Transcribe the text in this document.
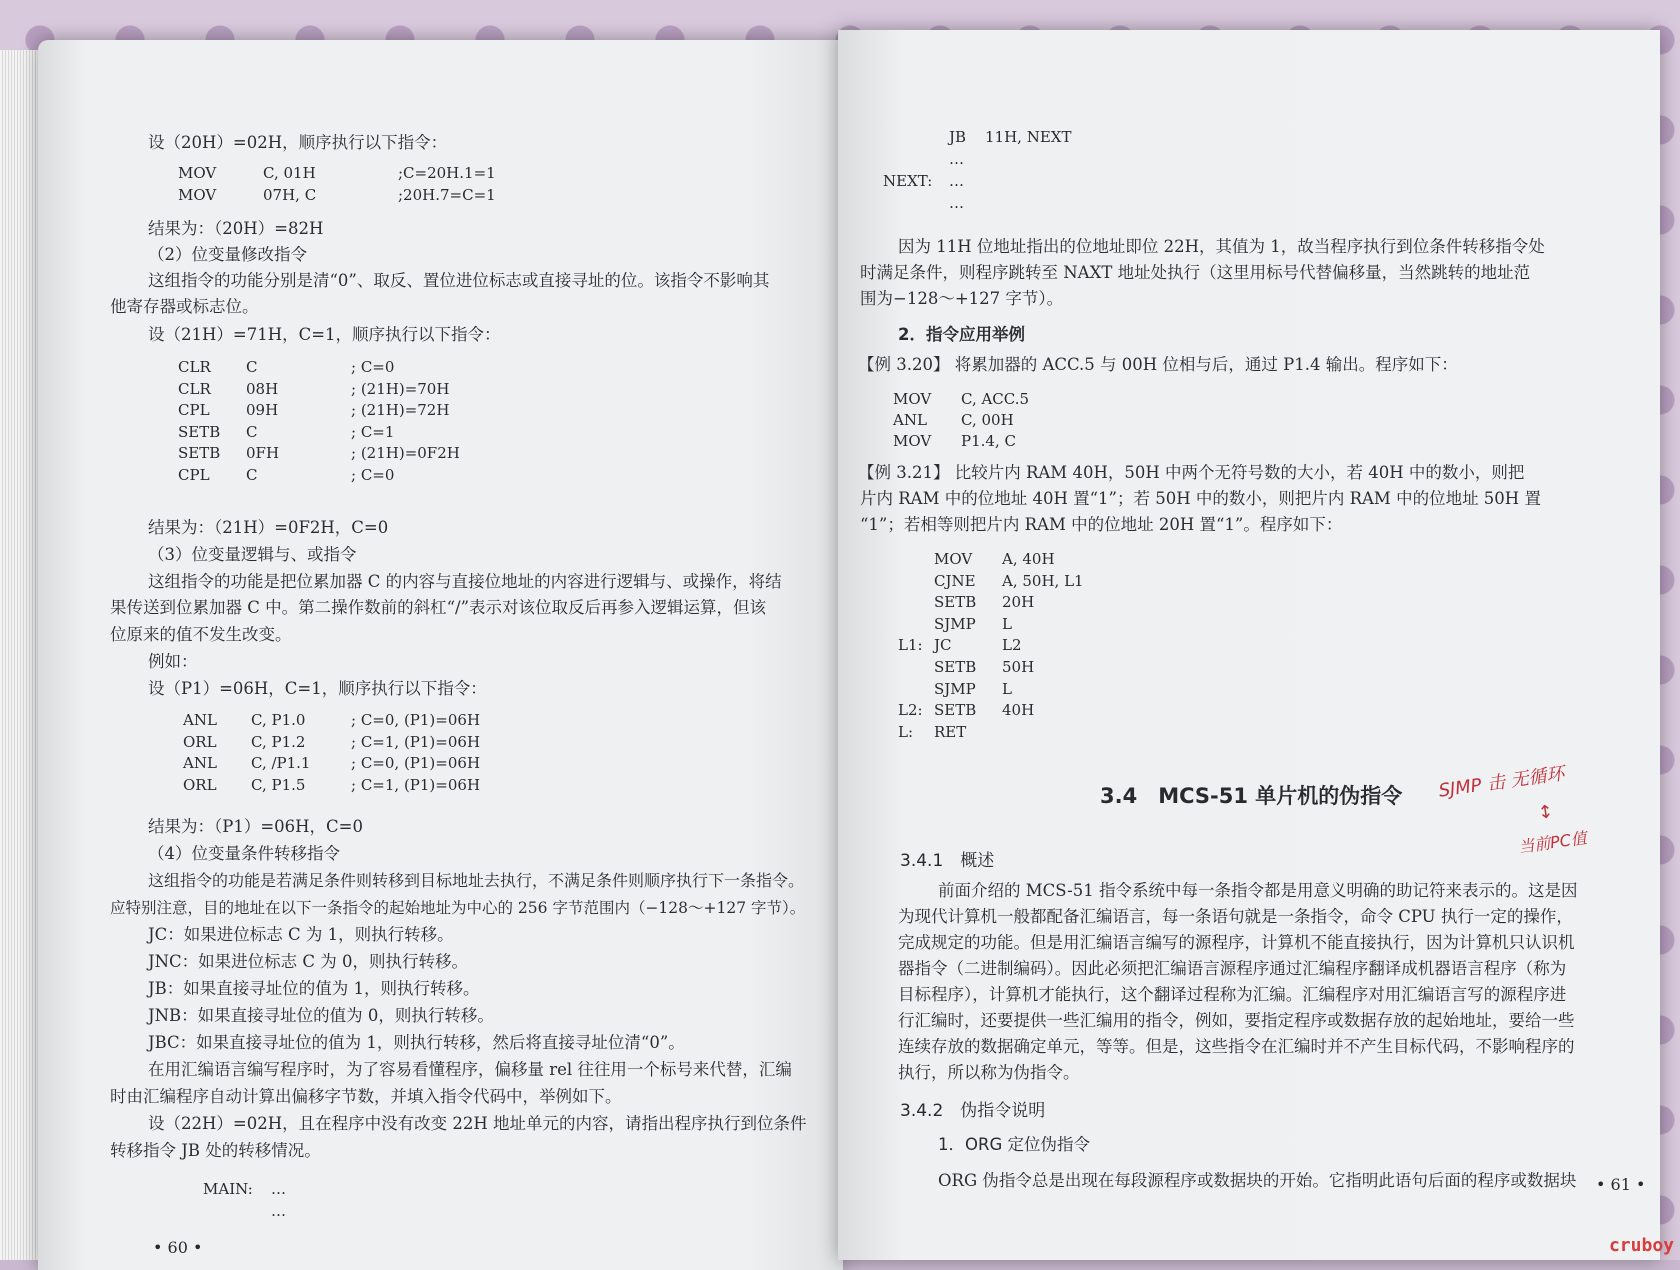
设（20H）=02H，顺序执行以下指令：
MOV	C, 01H	;C=20H.1=1
MOV	07H, C	;20H.7=C=1
结果为：（20H）=82H
（2）位变量修改指令
这组指令的功能分别是清“0”、取反、置位进位标志或直接寻址的位。该指令不影响其
他寄存器或标志位。
设（21H）=71H，C=1，顺序执行以下指令：
CLR C	; C=0
CLR 08H	; (21H)=70H
CPL 09H	; (21H)=72H
SETB C	; C=1
SETB 0FH	; (21H)=0F2H
CPL C	; C=0
结果为：（21H）=0F2H，C=0
（3）位变量逻辑与、或指令
这组指令的功能是把位累加器 C 的内容与直接位地址的内容进行逻辑与、或操作，将结
果传送到位累加器 C 中。第二操作数前的斜杠“/”表示对该位取反后再参入逻辑运算，但该
位原来的值不发生改变。
例如：
设（P1）=06H，C=1，顺序执行以下指令：
ANL C, P1.0	; C=0, (P1)=06H
ORL C, P1.2	; C=1, (P1)=06H
ANL C, /P1.1	; C=0, (P1)=06H
ORL C, P1.5	; C=1, (P1)=06H
结果为：（P1）=06H，C=0
（4）位变量条件转移指令
这组指令的功能是若满足条件则转移到目标地址去执行，不满足条件则顺序执行下一条指令。
应特别注意，目的地址在以下一条指令的起始地址为中心的 256 字节范围内（−128～+127 字节）。
JC：如果进位标志 C 为 1，则执行转移。
JNC：如果进位标志 C 为 0，则执行转移。
JB：如果直接寻址位的值为 1，则执行转移。
JNB：如果直接寻址位的值为 0，则执行转移。
JBC：如果直接寻址位的值为 1，则执行转移，然后将直接寻址位清“0”。
在用汇编语言编写程序时，为了容易看懂程序，偏移量 rel 往往用一个标号来代替，汇编
时由汇编程序自动计算出偏移字节数，并填入指令代码中，举例如下。
设（22H）=02H，且在程序中没有改变 22H 地址单元的内容，请指出程序执行到位条件
转移指令 JB 处的转移情况。
MAIN: …
…
• 60 •
JB 11H, NEXT
…
NEXT: …
…
因为 11H 位地址指出的位地址即位 22H，其值为 1，故当程序执行到位条件转移指令处
时满足条件，则程序跳转至 NAXT 地址处执行（这里用标号代替偏移量，当然跳转的地址范
围为−128～+127 字节）。
2．指令应用举例
【例 3.20】 将累加器的 ACC.5 与 00H 位相与后，通过 P1.4 输出。程序如下：
MOV C, ACC.5
ANL C, 00H
MOV P1.4, C
【例 3.21】 比较片内 RAM 40H，50H 中两个无符号数的大小，若 40H 中的数小，则把
片内 RAM 中的位地址 40H 置“1”；若 50H 中的数小，则把片内 RAM 中的位地址 50H 置
“1”；若相等则把片内 RAM 中的位地址 20H 置“1”。程序如下：
MOV A, 40H
CJNE A, 50H, L1
SETB 20H
SJMP L
L1: JC	L2
SETB 50H
SJMP L
L2: SETB 40H
L: RET
3.4　MCS-51 单片机的伪指令
3.4.1　概述
前面介绍的 MCS-51 指令系统中每一条指令都是用意义明确的助记符来表示的。这是因
为现代计算机一般都配备汇编语言，每一条语句就是一条指令，命令 CPU 执行一定的操作，
完成规定的功能。但是用汇编语言编写的源程序，计算机不能直接执行，因为计算机只认识机
器指令（二进制编码）。因此必须把汇编语言源程序通过汇编程序翻译成机器语言程序（称为
目标程序），计算机才能执行，这个翻译过程称为汇编。汇编程序对用汇编语言写的源程序进
行汇编时，还要提供一些汇编用的指令，例如，要指定程序或数据存放的起始地址，要给一些
连续存放的数据确定单元，等等。但是，这些指令在汇编时并不产生目标代码，不影响程序的
执行，所以称为伪指令。
3.4.2　伪指令说明
1．ORG 定位伪指令
ORG 伪指令总是出现在每段源程序或数据块的开始。它指明此语句后面的程序或数据块 • 61 •
SJMP 击 无循环
↕
当前PC值
cruboy
